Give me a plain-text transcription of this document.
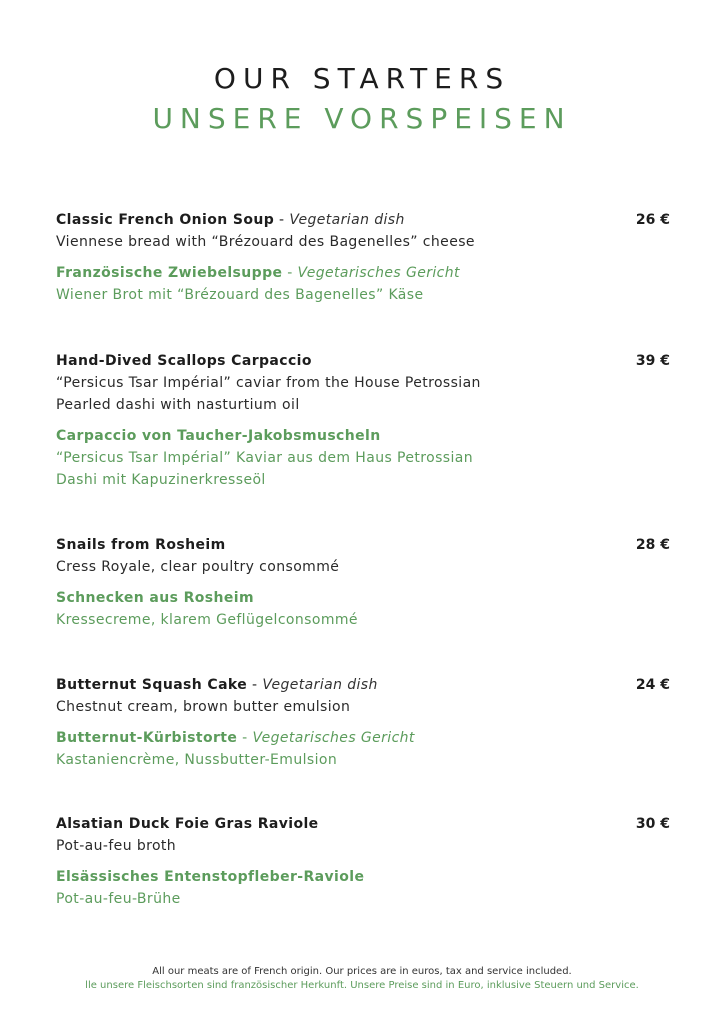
OUR STARTERS
UNSERE VORSPEISEN
Classic French Onion Soup - Vegetarian dish
Viennese bread with “Brézouard des Bagenelles” cheese
Französische Zwiebelsuppe - Vegetarisches Gericht
Wiener Brot mit “Brézouard des Bagenelles” Käse
26 €
Hand-Dived Scallops Carpaccio
“Persicus Tsar Impérial” caviar from the House Petrossian
Pearled dashi with nasturtium oil
Carpaccio von Taucher-Jakobsmuscheln
“Persicus Tsar Impérial” Kaviar aus dem Haus Petrossian
Dashi mit Kapuzinerkresseöl
39 €
Snails from Rosheim
Cress Royale, clear poultry consommé
Schnecken aus Rosheim
Kressecreme, klarem Geflügelconsommé
28 €
Butternut Squash Cake - Vegetarian dish
Chestnut cream, brown butter emulsion
Butternut-Kürbistorte - Vegetarisches Gericht
Kastaniencrème, Nussbutter-Emulsion
24 €
Alsatian Duck Foie Gras Raviole
Pot-au-feu broth
Elsässisches Entenstopfleber-Raviole
Pot-au-feu-Brühe
30 €
All our meats are of French origin. Our prices are in euros, tax and service included.
lle unsere Fleischsorten sind französischer Herkunft. Unsere Preise sind in Euro, inklusive Steuern und Service.
